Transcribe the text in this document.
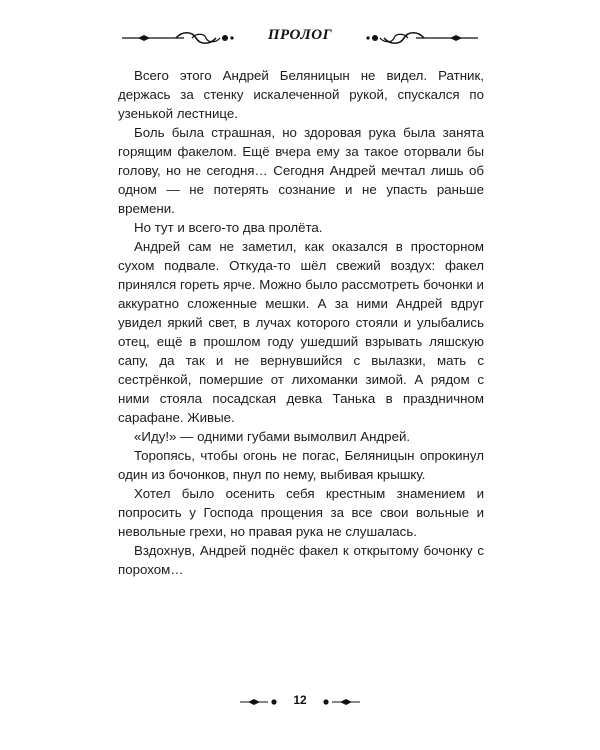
ПРОЛОГ

Всего этого Андрей Беляницын не видел. Ратник, держась за стенку искалеченной рукой, спускался по узенькой лестнице.

Боль была страшная, но здоровая рука была занята горящим факелом. Ещё вчера ему за такое оторвали бы голову, но не сегодня… Сегодня Андрей мечтал лишь об одном — не потерять сознание и не упасть раньше времени.

Но тут и всего-то два пролёта.

Андрей сам не заметил, как оказался в просторном сухом подвале. Откуда-то шёл свежий воздух: факел принялся гореть ярче. Можно было рассмотреть бочонки и аккуратно сложенные мешки. А за ними Андрей вдруг увидел яркий свет, в лучах которого стояли и улыбались отец, ещё в прошлом году ушедший взрывать ляшскую сапу, да так и не вернувшийся с вылазки, мать с сестрёнкой, помершие от лихоманки зимой. А рядом с ними стояла посадская девка Танька в праздничном сарафане. Живые.

«Иду!» — одними губами вымолвил Андрей.

Торопясь, чтобы огонь не погас, Беляницын опрокинул один из бочонков, пнул по нему, выбивая крышку.

Хотел было осенить себя крестным знамением и попросить у Господа прощения за все свои вольные и невольные грехи, но правая рука не слушалась.

Вздохнув, Андрей поднёс факел к открытому бочонку с порохом…

12
